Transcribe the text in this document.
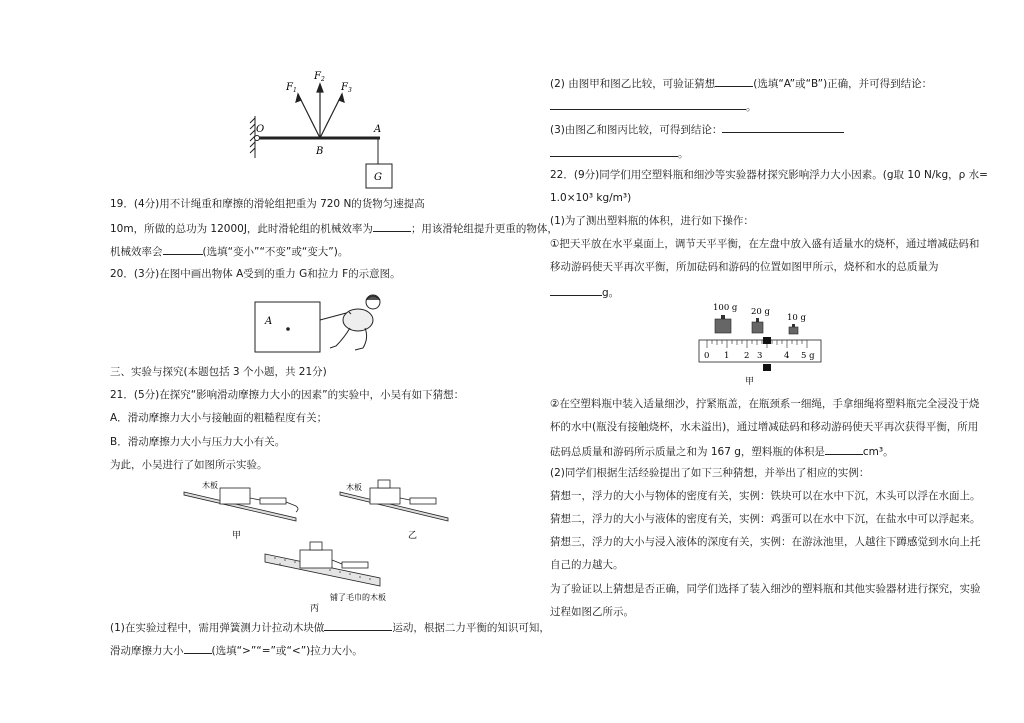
$F_1$
$F_2$
$F_3$
O	A
B
G
19．(4分)用不计绳重和摩擦的滑轮组把重为 720 N的货物匀速提高
10m，所做的总功为 12000J，此时滑轮组的机械效率为	；用该滑轮组提升更重的物体，
机械效率会	(选填“变小”“不变”或“变大”)。
20．(3分)在图中画出物体 A受到的重力 G和拉力 F的示意图。
A
三、实验与探究(本题包括 3 个小题，共 21分)
21．(5分)在探究“影响滑动摩擦力大小的因素”的实验中，小吴有如下猜想：
A．滑动摩擦力大小与接触面的粗糙程度有关；
B．滑动摩擦力大小与压力大小有关。
为此，小吴进行了如图所示实验。
木板
甲
木板
乙
铺了毛巾的木板
丙
(1)在实验过程中，需用弹簧测力计拉动木块做	运动，根据二力平衡的知识可知，
滑动摩擦力大小	(选填“>”“=”或“<”)拉力大小。
(2) 由图甲和图乙比较，可验证猜想	(选填“A”或“B”)正确，并可得到结论：
。
(3)由图乙和图丙比较，可得到结论：
。
22．(9分)同学们用空塑料瓶和细沙等实验器材探究影响浮力大小因素。(g取 10 N/kg，ρ 水=
1.0×10³ kg/m³)
(1)为了测出塑料瓶的体积，进行如下操作：
①把天平放在水平桌面上，调节天平平衡，在左盘中放入盛有适量水的烧杯，通过增减砝码和
移动游码使天平再次平衡，所加砝码和游码的位置如图甲所示，烧杯和水的总质量为
g。
100 g 20 g
10 g
0 1 2 3	4 5 g
甲
②在空塑料瓶中装入适量细沙，拧紧瓶盖，在瓶颈系一细绳，手拿细绳将塑料瓶完全浸没于烧
杯的水中(瓶没有接触烧杯，水未溢出)，通过增减砝码和移动游码使天平再次获得平衡，所用
砝码总质量和游码所示质量之和为 167 g，塑料瓶的体积是	cm³。
(2)同学们根据生活经验提出了如下三种猜想，并举出了相应的实例：
猜想一，浮力的大小与物体的密度有关，实例：铁块可以在水中下沉，木头可以浮在水面上。
猜想二，浮力的大小与液体的密度有关，实例：鸡蛋可以在水中下沉，在盐水中可以浮起来。
猜想三，浮力的大小与浸入液体的深度有关，实例：在游泳池里，人越往下蹲感觉到水向上托
自己的力越大。
为了验证以上猜想是否正确，同学们选择了装入细沙的塑料瓶和其他实验器材进行探究，实验
过程如图乙所示。
